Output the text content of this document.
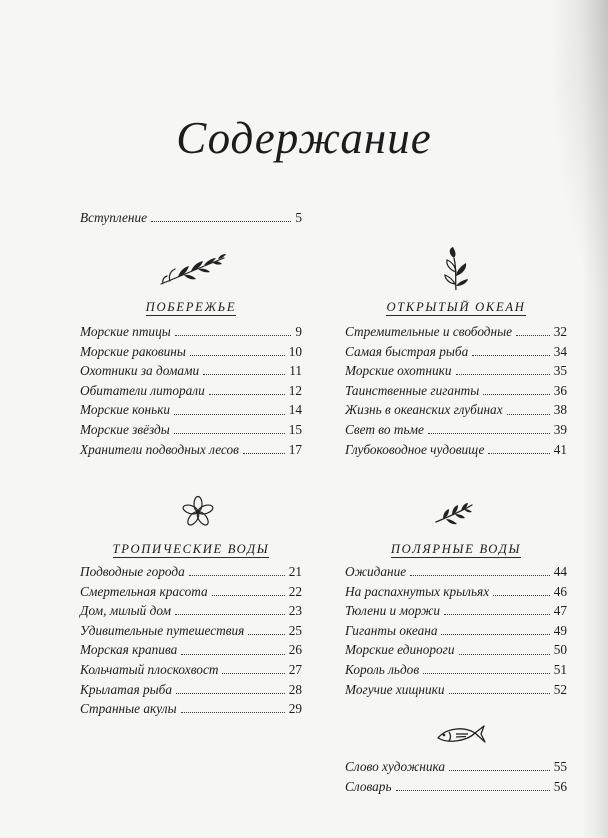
Содержание
Вступление	5
ПОБЕРЕЖЬЕ
Морские птицы	9
Морские раковины	10
Охотники за домами	11
Обитатели литорали	12
Морские коньки	14
Морские звёзды	15
Хранители подводных лесов	17
ОТКРЫТЫЙ ОКЕАН
Стремительные и свободные	32
Самая быстрая рыба	34
Морские охотники	35
Таинственные гиганты	36
Жизнь в океанских глубинах	38
Свет во тьме	39
Глубоководное чудовище	41
ТРОПИЧЕСКИЕ ВОДЫ
Подводные города	21
Смертельная красота	22
Дом, милый дом	23
Удивительные путешествия	25
Морская крапива	26
Кольчатый плоскохвост	27
Крылатая рыба	28
Странные акулы	29
ПОЛЯРНЫЕ ВОДЫ
Ожидание	44
На распахнутых крыльях	46
Тюлени и моржи	47
Гиганты океана	49
Морские единороги	50
Король льдов	51
Могучие хищники	52
Слово художника	55
Словарь	56
